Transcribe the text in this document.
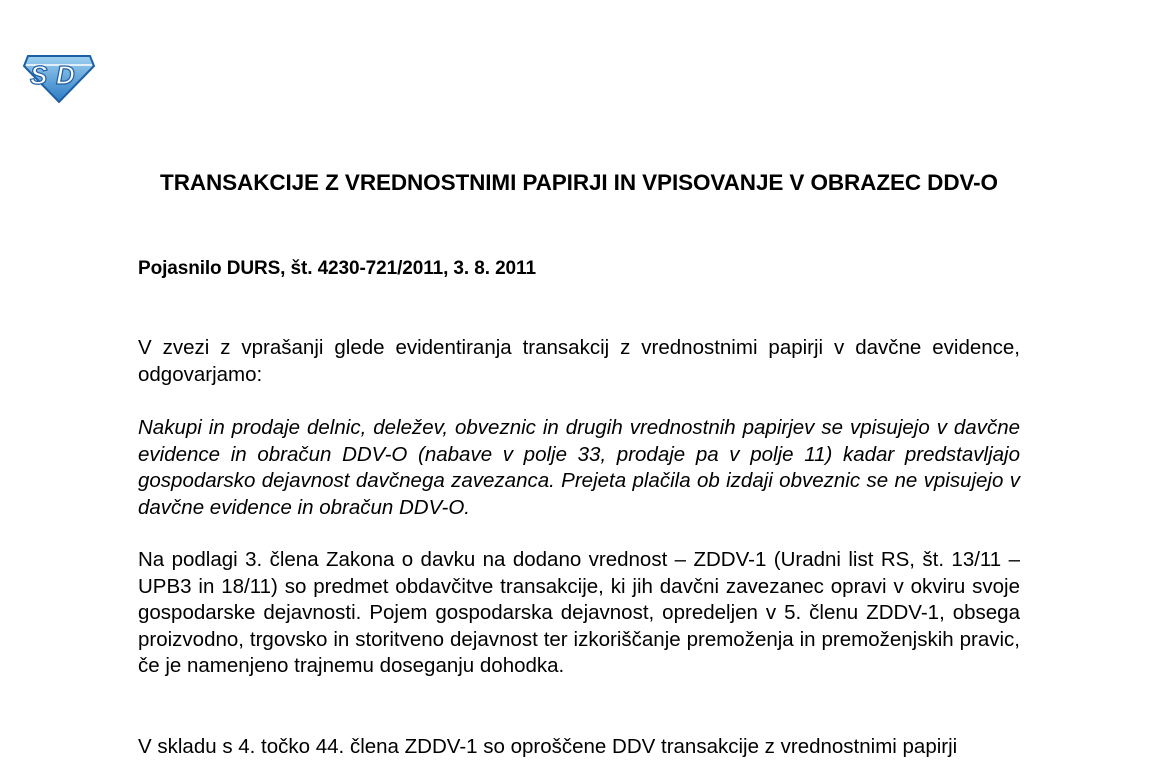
S D
TRANSAKCIJE Z VREDNOSTNIMI PAPIRJI IN VPISOVANJE V OBRAZEC DDV-O
Pojasnilo DURS, št. 4230-721/2011, 3. 8. 2011

V zvezi z vprašanji glede evidentiranja transakcij z vrednostnimi papirji v davčne evidence, odgovarjamo:

Nakupi in prodaje delnic, deležev, obveznic in drugih vrednostnih papirjev se vpisujejo v davčne evidence in obračun DDV-O (nabave v polje 33, prodaje pa v polje 11) kadar predstavljajo gospodarsko dejavnost davčnega zavezanca. Prejeta plačila ob izdaji obveznic se ne vpisujejo v davčne evidence in obračun DDV-O.

Na podlagi 3. člena Zakona o davku na dodano vrednost – ZDDV-1 (Uradni list RS, št. 13/11 – UPB3 in 18/11) so predmet obdavčitve transakcije, ki jih davčni zavezanec opravi v okviru svoje gospodarske dejavnosti. Pojem gospodarska dejavnost, opredeljen v 5. členu ZDDV-1, obsega proizvodno, trgovsko in storitveno dejavnost ter izkoriščanje premoženja in premoženjskih pravic, če je namenjeno trajnemu doseganju dohodka.

V skladu s 4. točko 44. člena ZDDV-1 so oproščene DDV transakcije z vrednostnimi papirji
